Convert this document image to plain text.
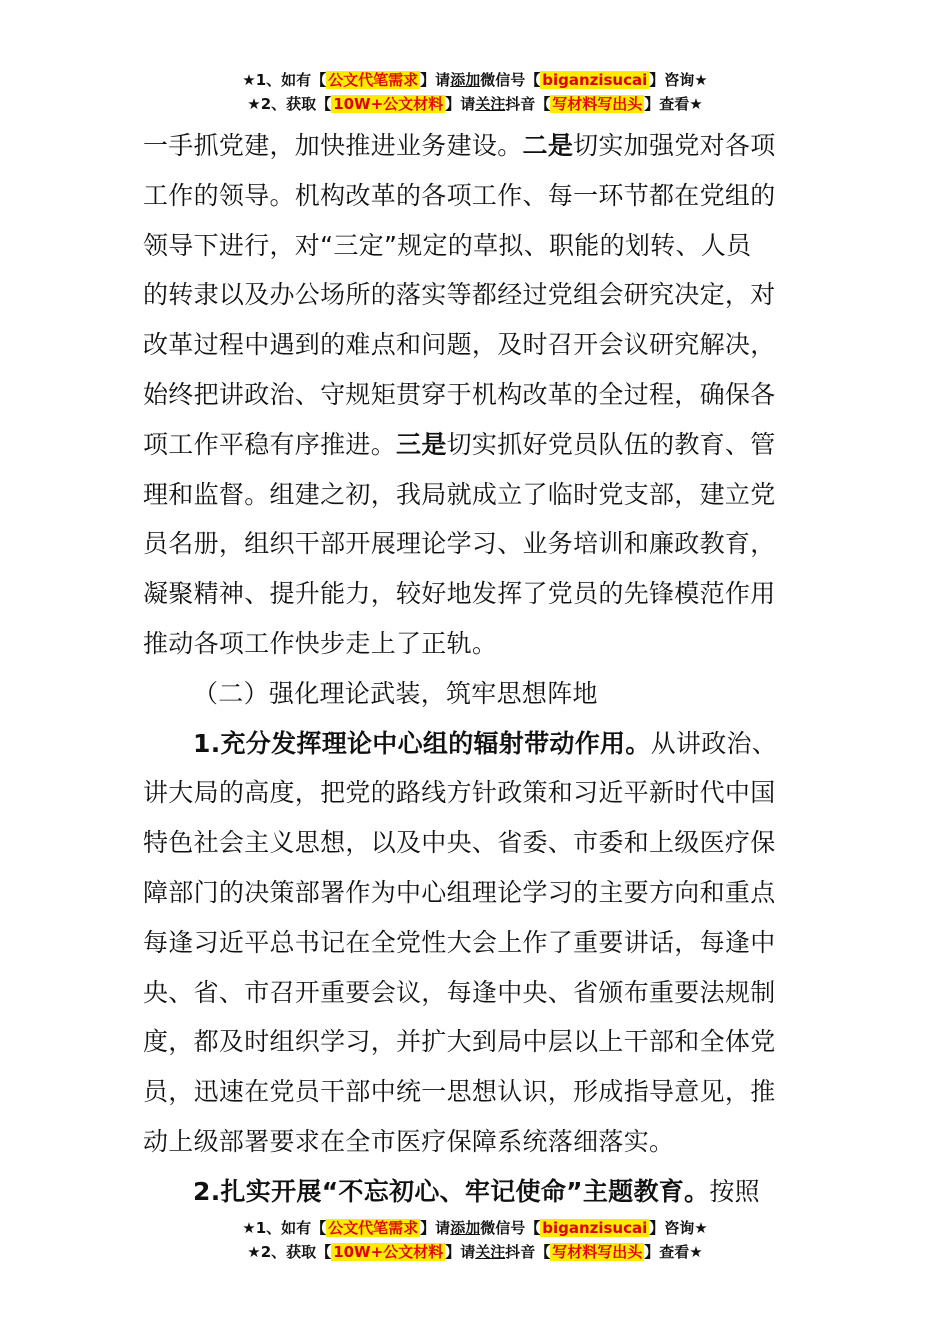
★1、如有【 公文代笔需求 】请添加微信号【 biganzisucai 】咨询★
★2、获取【 10W+公文材料 】请关注抖音【 写材料写出头 】查看★

一手抓党建，加快推进业务建设。二是切实加强党对各项

工作的领导。机构改革的各项工作、每一环节都在党组的

领导下进行，对“三定”规定的草拟、职能的划转、人员

的转隶以及办公场所的落实等都经过党组会研究决定，对

改革过程中遇到的难点和问题，及时召开会议研究解决，

始终把讲政治、守规矩贯穿于机构改革的全过程，确保各

项工作平稳有序推进。三是切实抓好党员队伍的教育、管

理和监督。组建之初，我局就成立了临时党支部，建立党

员名册，组织干部开展理论学习、业务培训和廉政教育，

凝聚精神、提升能力，较好地发挥了党员的先锋模范作用

推动各项工作快步走上了正轨。

（二）强化理论武装，筑牢思想阵地

1.充分发挥理论中心组的辐射带动作用。从讲政治、

讲大局的高度，把党的路线方针政策和习近平新时代中国

特色社会主义思想，以及中央、省委、市委和上级医疗保

障部门的决策部署作为中心组理论学习的主要方向和重点

每逢习近平总书记在全党性大会上作了重要讲话，每逢中

央、省、市召开重要会议，每逢中央、省颁布重要法规制

度，都及时组织学习，并扩大到局中层以上干部和全体党

员，迅速在党员干部中统一思想认识，形成指导意见，推

动上级部署要求在全市医疗保障系统落细落实。

2.扎实开展“不忘初心、牢记使命”主题教育。按照

★1、如有【 公文代笔需求 】请添加微信号【 biganzisucai 】咨询★
★2、获取【 10W+公文材料 】请关注抖音【 写材料写出头 】查看★
